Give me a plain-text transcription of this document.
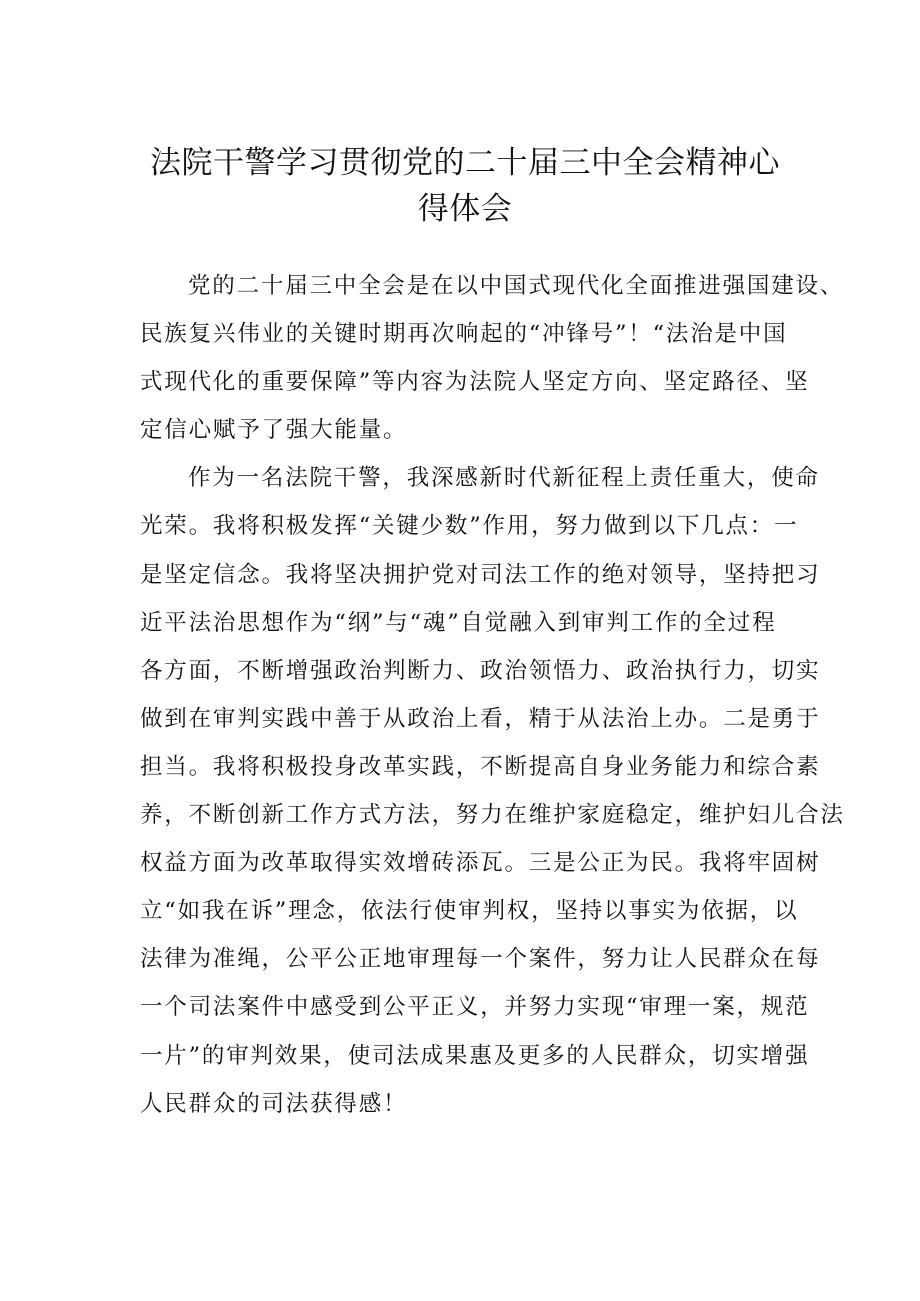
法院干警学习贯彻党的二十届三中全会精神心
得体会
党的二十届三中全会是在以中国式现代化全面推进强国建设、
民族复兴伟业的关键时期再次响起的“冲锋号”！“法治是中国
式现代化的重要保障”等内容为法院人坚定方向、坚定路径、坚
定信心赋予了强大能量。
作为一名法院干警，我深感新时代新征程上责任重大，使命
光荣。我将积极发挥“关键少数”作用，努力做到以下几点：一
是坚定信念。我将坚决拥护党对司法工作的绝对领导，坚持把习
近平法治思想作为“纲”与“魂”自觉融入到审判工作的全过程
各方面，不断增强政治判断力、政治领悟力、政治执行力，切实
做到在审判实践中善于从政治上看，精于从法治上办。二是勇于
担当。我将积极投身改革实践，不断提高自身业务能力和综合素
养，不断创新工作方式方法，努力在维护家庭稳定，维护妇儿合法
权益方面为改革取得实效增砖添瓦。三是公正为民。我将牢固树
立“如我在诉”理念，依法行使审判权，坚持以事实为依据，以
法律为准绳，公平公正地审理每一个案件，努力让人民群众在每
一个司法案件中感受到公平正义，并努力实现“审理一案，规范
一片”的审判效果，使司法成果惠及更多的人民群众，切实增强
人民群众的司法获得感！
